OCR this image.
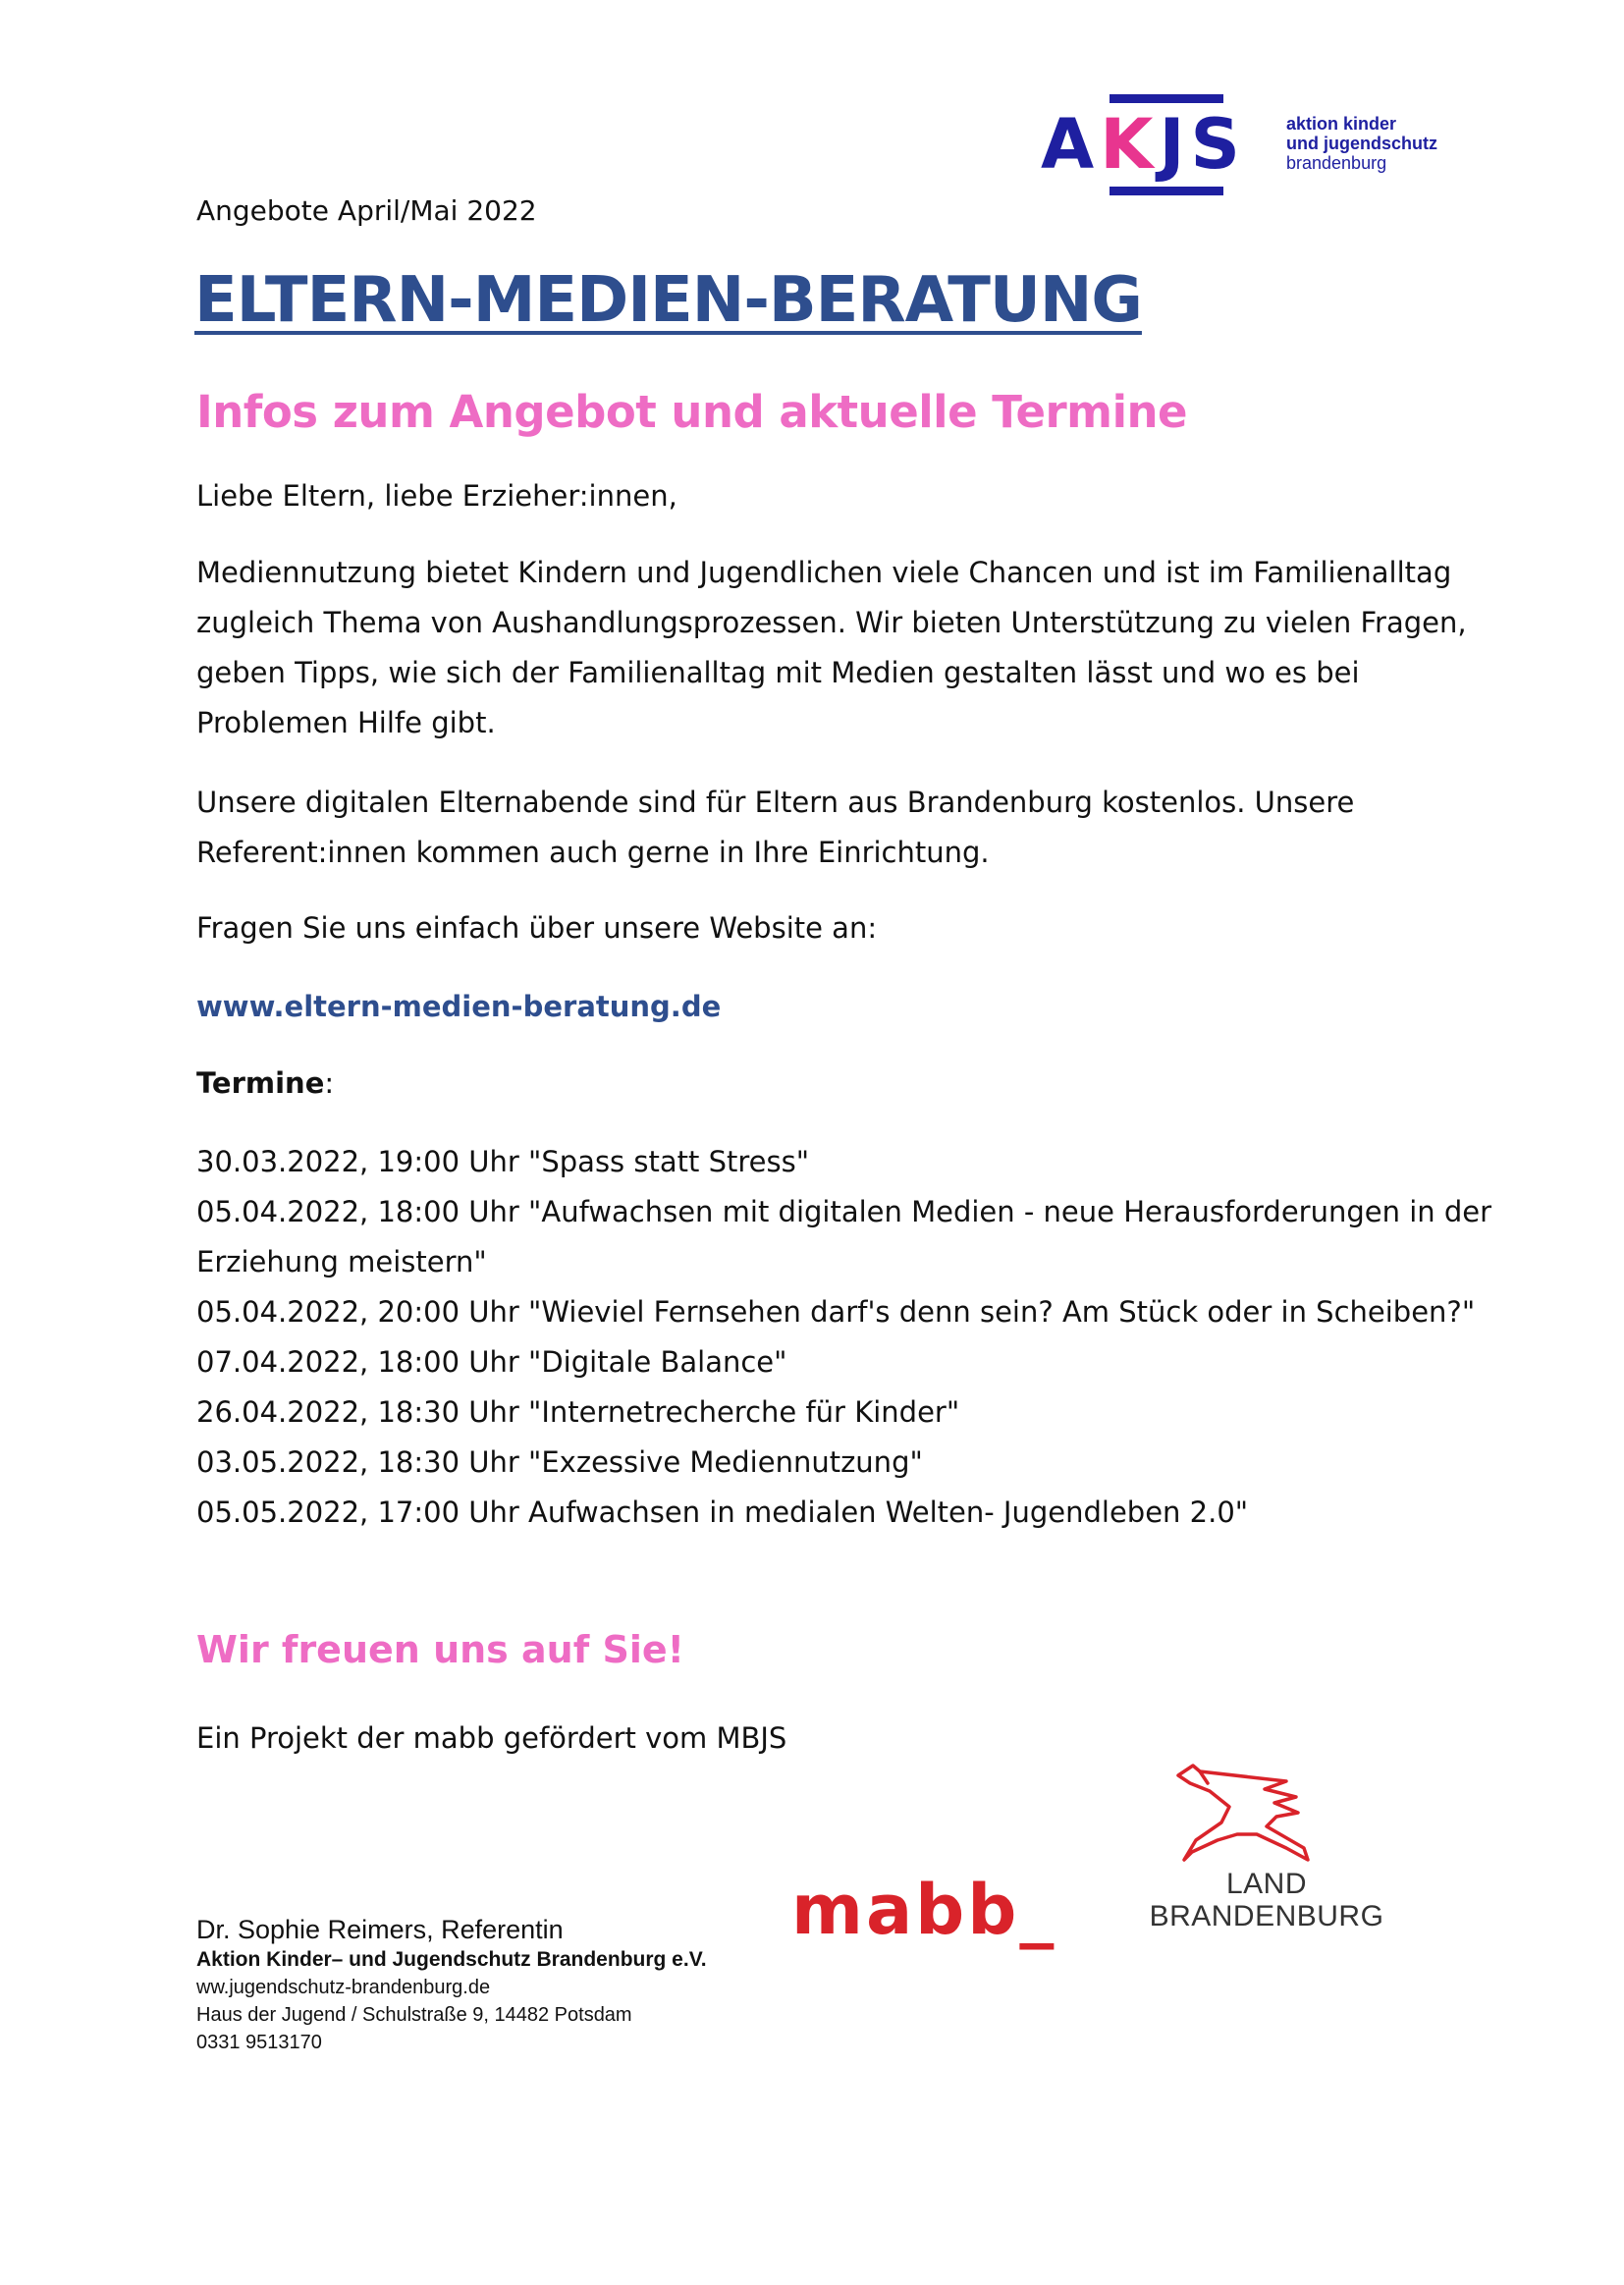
AKJS aktion kinder
und jugendschutz
brandenburg
Angebote April/Mai 2022
ELTERN-MEDIEN-BERATUNG
Infos zum Angebot und aktuelle Termine
Liebe Eltern, liebe Erzieher:innen,
Mediennutzung bietet Kindern und Jugendlichen viele Chancen und ist im Familienalltag zugleich Thema von Aushandlungsprozessen. Wir bieten Unterstützung zu vielen Fragen, geben Tipps, wie sich der Familienalltag mit Medien gestalten lässt und wo es bei Problemen Hilfe gibt.
Unsere digitalen Elternabende sind für Eltern aus Brandenburg kostenlos. Unsere Referent:innen kommen auch gerne in Ihre Einrichtung.
Fragen Sie uns einfach über unsere Website an:
www.eltern-medien-beratung.de
Termine:
30.03.2022, 19:00 Uhr "Spass statt Stress"
05.04.2022, 18:00 Uhr "Aufwachsen mit digitalen Medien - neue Herausforderungen in der Erziehung meistern"
05.04.2022, 20:00 Uhr "Wieviel Fernsehen darf's denn sein? Am Stück oder in Scheiben?"
07.04.2022, 18:00 Uhr "Digitale Balance"
26.04.2022, 18:30 Uhr "Internetrecherche für Kinder"
03.05.2022, 18:30 Uhr "Exzessive Mediennutzung"
05.05.2022, 17:00 Uhr Aufwachsen in medialen Welten- Jugendleben 2.0"
Wir freuen uns auf Sie!
Ein Projekt der mabb gefördert vom MBJS
Dr. Sophie Reimers, Referentin
Aktion Kinder– und Jugendschutz Brandenburg e.V.
ww.jugendschutz-brandenburg.de
Haus der Jugend / Schulstraße 9, 14482 Potsdam
0331 9513170
mabb_	LAND
BRANDENBURG
